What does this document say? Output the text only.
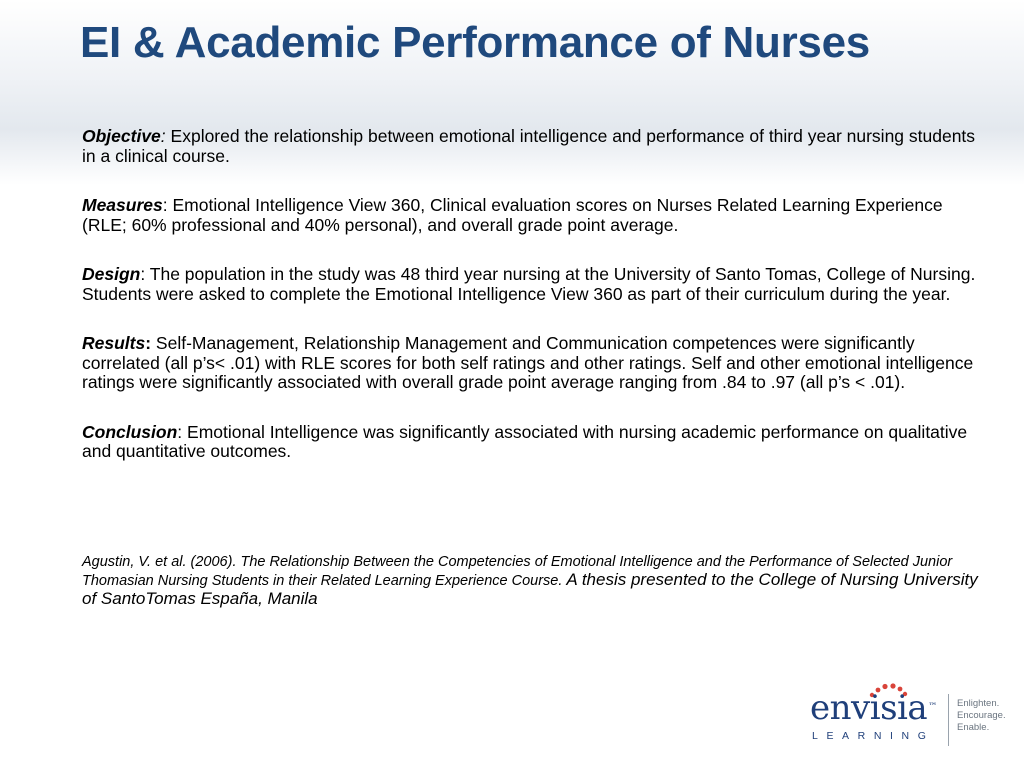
EI & Academic Performance of Nurses

Objective: Explored the relationship between emotional intelligence and performance of third year nursing students in a clinical course.

Measures: Emotional Intelligence View 360, Clinical evaluation scores on Nurses Related Learning Experience (RLE; 60% professional and 40% personal), and overall grade point average.

Design: The population in the study was 48 third year nursing at the University of Santo Tomas, College of Nursing. Students were asked to complete the Emotional Intelligence View 360 as part of their curriculum during the year.

Results: Self-Management, Relationship Management and Communication competences were significantly correlated (all p’s< .01) with RLE scores for both self ratings and other ratings. Self and other emotional intelligence ratings were significantly associated with overall grade point average ranging from .84 to .97 (all p’s < .01).

Conclusion: Emotional Intelligence was significantly associated with nursing academic performance on qualitative and quantitative outcomes.

Agustin, V. et al. (2006). The Relationship Between the Competencies of Emotional Intelligence and the Performance of Selected Junior Thomasian Nursing Students in their Related Learning Experience Course. A thesis presented to the College of Nursing University of SantoTomas España, Manila
envisia™
LEARNING
Enlighten.
Encourage.
Enable.
